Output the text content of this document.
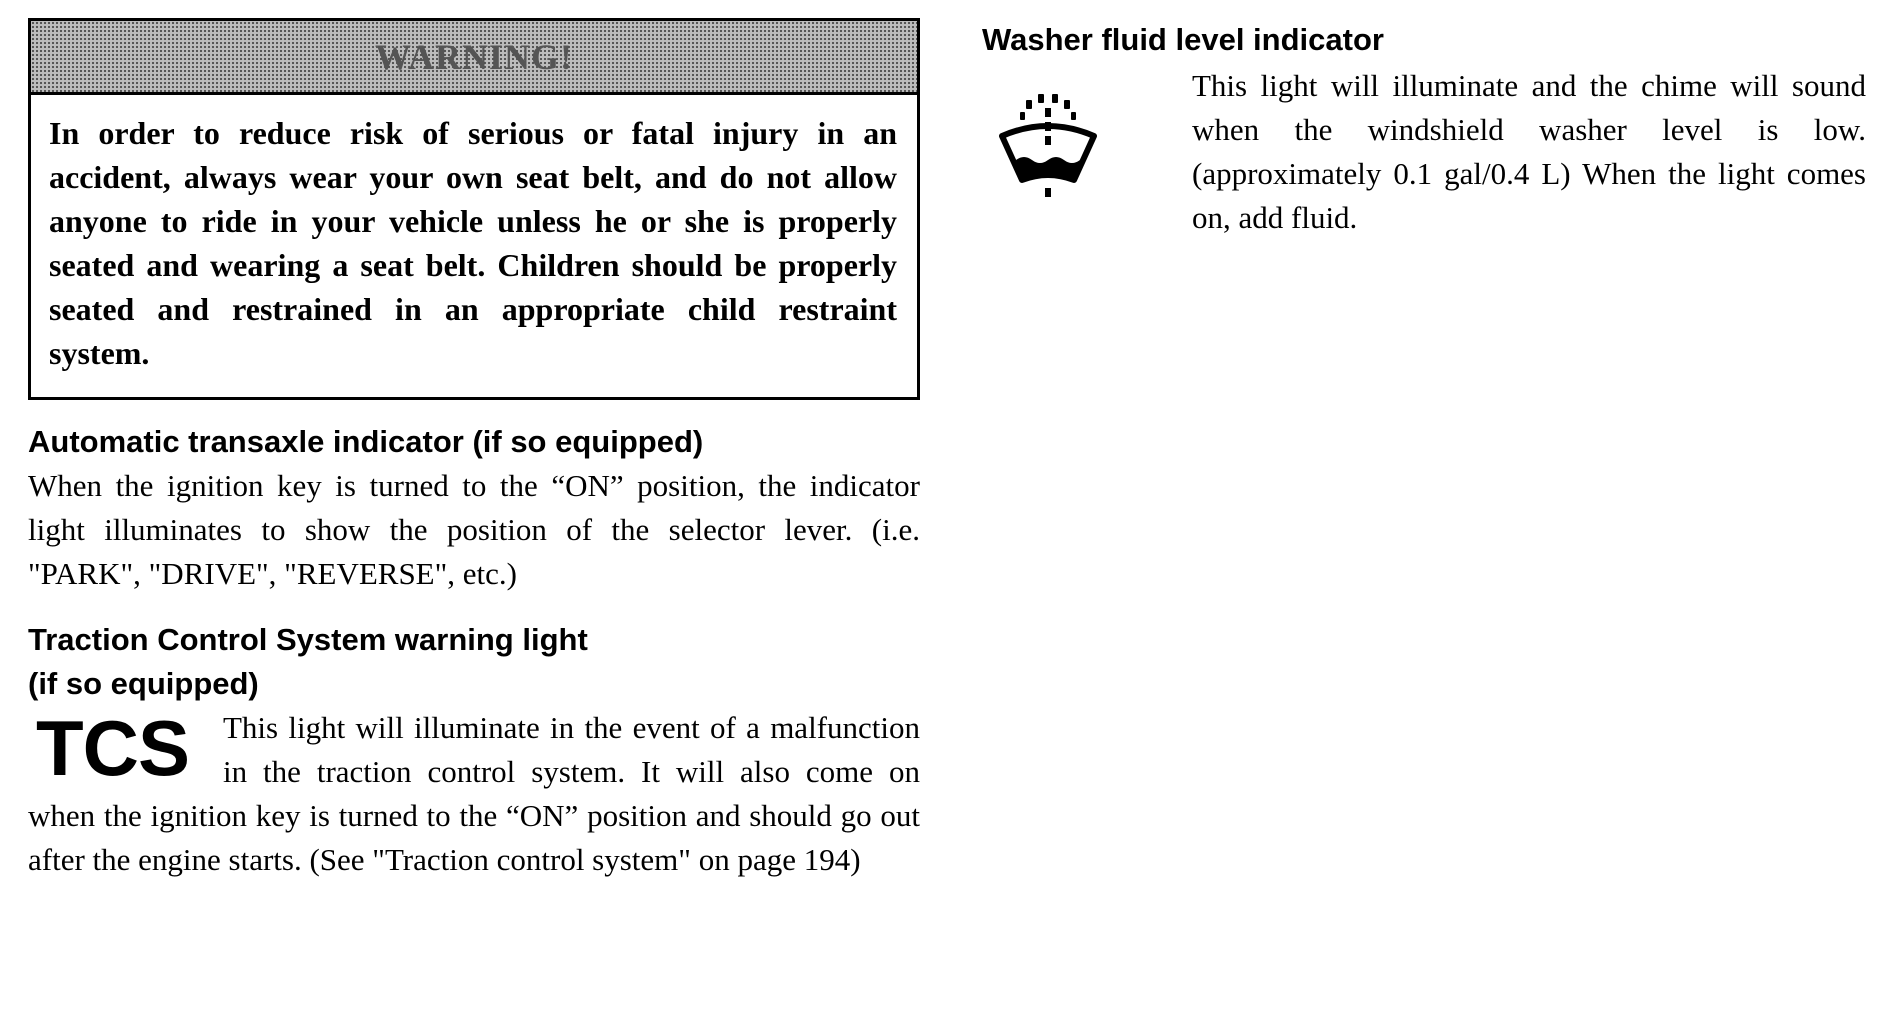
WARNING!
In order to reduce risk of serious or fatal injury in an accident, always wear your own seat belt, and do not allow anyone to ride in your vehicle unless he or she is properly seated and wearing a seat belt. Children should be properly seated and restrained in an appropriate child restraint system.
Automatic transaxle indicator (if so equipped)

When the ignition key is turned to the “ON” position, the indicator light illuminates to show the position of the selector lever. (i.e. "PARK", "DRIVE", "REVERSE", etc.)

Traction Control System warning light
(if so equipped)
TCS	This light will illuminate in the event of a malfunction in the traction control system. It will also come on when the ignition key is turned to the “ON” position and should go out after the engine starts. (See "Traction control system" on page 194)

Washer fluid level indicator
This light will illuminate and the chime will sound when the windshield washer level is low. (approximately 0.1 gal/0.4 L) When the light comes on, add fluid.
